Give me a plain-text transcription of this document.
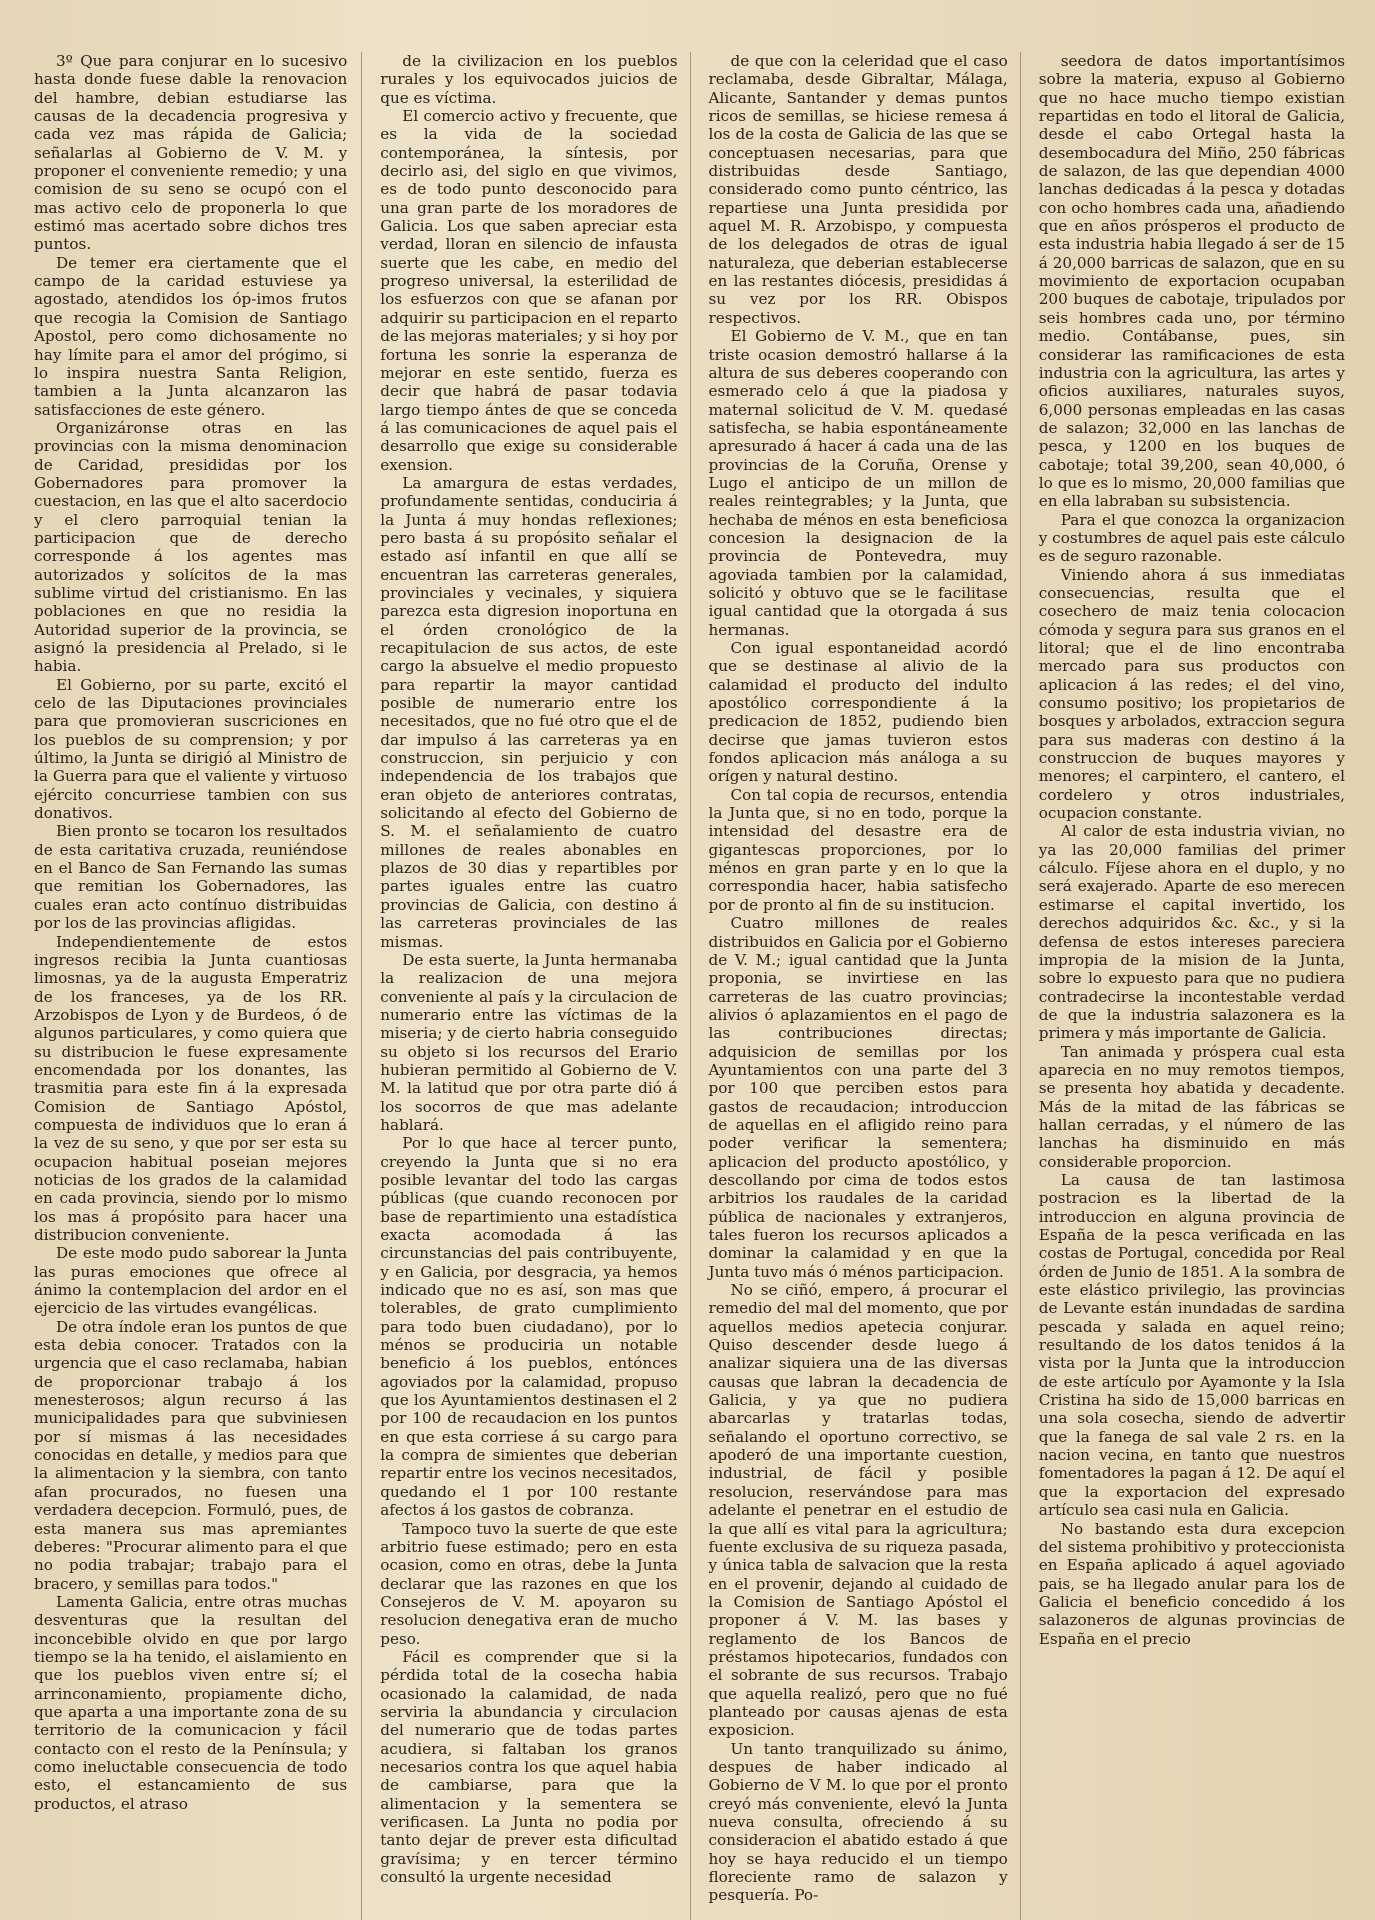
3º Que para conjurar en lo sucesivo hasta donde fuese dable la renovacion del hambre, debian estudiarse las causas de la decadencia progresiva y cada vez mas rápida de Galicia; señalarlas al Gobierno de V. M. y proponer el conveniente remedio; y una comision de su seno se ocupó con el mas activo celo de proponerla lo que estimó mas acertado sobre dichos tres puntos.

De temer era ciertamente que el campo de la caridad estuviese ya agostado, atendidos los óp-imos frutos que recogia la Comision de Santiago Apostol, pero como dichosamente no hay límite para el amor del prógimo, si lo inspira nuestra Santa Religion, tambien a la Junta alcanzaron las satisfacciones de este género.

Organizáronse otras en las provincias con la misma denominacion de Caridad, presididas por los Gobernadores para promover la cuestacion, en las que el alto sacerdocio y el clero parroquial tenian la participacion que de derecho corresponde á los agentes mas autorizados y solícitos de la mas sublime virtud del cristianismo. En las poblaciones en que no residia la Autoridad superior de la provincia, se asignó la presidencia al Prelado, si le habia.

El Gobierno, por su parte, excitó el celo de las Diputaciones provinciales para que promovieran suscriciones en los pueblos de su comprension; y por último, la Junta se dirigió al Ministro de la Guerra para que el valiente y virtuoso ejército concurriese tambien con sus donativos.

Bien pronto se tocaron los resultados de esta caritativa cruzada, reuniéndose en el Banco de San Fernando las sumas que remitian los Gobernadores, las cuales eran acto contínuo distribuidas por los de las provincias afligidas.

Independientemente de estos ingresos recibia la Junta cuantiosas limosnas, ya de la augusta Emperatriz de los franceses, ya de los RR. Arzobispos de Lyon y de Burdeos, ó de algunos particulares, y como quiera que su distribucion le fuese expresamente encomendada por los donantes, las trasmitia para este fin á la expresada Comision de Santiago Apóstol, compuesta de individuos que lo eran á la vez de su seno, y que por ser esta su ocupacion habitual poseian mejores noticias de los grados de la calamidad en cada provincia, siendo por lo mismo los mas á propósito para hacer una distribucion conveniente.

De este modo pudo saborear la Junta las puras emociones que ofrece al ánimo la contemplacion del ardor en el ejercicio de las virtudes evangélicas.

De otra índole eran los puntos de que esta debia conocer. Tratados con la urgencia que el caso reclamaba, habian de proporcionar trabajo á los menesterosos; algun recurso á las municipalidades para que subviniesen por sí mismas á las necesidades conocidas en detalle, y medios para que la alimentacion y la siembra, con tanto afan procurados, no fuesen una verdadera decepcion. Formuló, pues, de esta manera sus mas apremiantes deberes: "Procurar alimento para el que no podia trabajar; trabajo para el bracero, y semillas para todos."

Lamenta Galicia, entre otras muchas desventuras que la resultan del inconcebible olvido en que por largo tiempo se la ha tenido, el aislamiento en que los pueblos viven entre sí; el arrinconamiento, propiamente dicho, que aparta a una importante zona de su territorio de la comunicacion y fácil contacto con el resto de la Península; y como ineluctable consecuencia de todo esto, el estancamiento de sus productos, el atraso

de la civilizacion en los pueblos rurales y los equivocados juicios de que es víctima.

El comercio activo y frecuente, que es la vida de la sociedad contemporánea, la síntesis, por decirlo asi, del siglo en que vivimos, es de todo punto desconocido para una gran parte de los moradores de Galicia. Los que saben apreciar esta verdad, lloran en silencio de infausta suerte que les cabe, en medio del progreso universal, la esterilidad de los esfuerzos con que se afanan por adquirir su participacion en el reparto de las mejoras materiales; y si hoy por fortuna les sonrie la esperanza de mejorar en este sentido, fuerza es decir que habrá de pasar todavia largo tiempo ántes de que se conceda á las comunicaciones de aquel pais el desarrollo que exige su considerable exension.

La amargura de estas verdades, profundamente sentidas, conduciria á la Junta á muy hondas reflexiones; pero basta á su propósito señalar el estado así infantil en que allí se encuentran las carreteras generales, provinciales y vecinales, y siquiera parezca esta digresion inoportuna en el órden cronológico de la recapitulacion de sus actos, de este cargo la absuelve el medio propuesto para repartir la mayor cantidad posible de numerario entre los necesitados, que no fué otro que el de dar impulso á las carreteras ya en construccion, sin perjuicio y con independencia de los trabajos que eran objeto de anteriores contratas, solicitando al efecto del Gobierno de S. M. el señalamiento de cuatro millones de reales abonables en plazos de 30 dias y repartibles por partes iguales entre las cuatro provincias de Galicia, con destino á las carreteras provinciales de las mismas.

De esta suerte, la Junta hermanaba la realizacion de una mejora conveniente al país y la circulacion de numerario entre las víctimas de la miseria; y de cierto habria conseguido su objeto si los recursos del Erario hubieran permitido al Gobierno de V. M. la latitud que por otra parte dió á los socorros de que mas adelante hablará.

Por lo que hace al tercer punto, creyendo la Junta que si no era posible levantar del todo las cargas públicas (que cuando reconocen por base de repartimiento una estadística exacta acomodada á las circunstancias del pais contribuyente, y en Galicia, por desgracia, ya hemos indicado que no es así, son mas que tolerables, de grato cumplimiento para todo buen ciudadano), por lo ménos se produciria un notable beneficio á los pueblos, entónces agoviados por la calamidad, propuso que los Ayuntamientos destinasen el 2 por 100 de recaudacion en los puntos en que esta corriese á su cargo para la compra de simientes que deberian repartir entre los vecinos necesitados, quedando el 1 por 100 restante afectos á los gastos de cobranza.

Tampoco tuvo la suerte de que este arbitrio fuese estimado; pero en esta ocasion, como en otras, debe la Junta declarar que las razones en que los Consejeros de V. M. apoyaron su resolucion denegativa eran de mucho peso.

Fácil es comprender que si la pérdida total de la cosecha habia ocasionado la calamidad, de nada serviria la abundancia y circulacion del numerario que de todas partes acudiera, si faltaban los granos necesarios contra los que aquel habia de cambiarse, para que la alimentacion y la sementera se verificasen. La Junta no podia por tanto dejar de prever esta dificultad gravísima; y en tercer término consultó la urgente necesidad

de que con la celeridad que el caso reclamaba, desde Gibraltar, Málaga, Alicante, Santander y demas puntos ricos de semillas, se hiciese remesa á los de la costa de Galicia de las que se conceptuasen necesarias, para que distribuidas desde Santiago, considerado como punto céntrico, las repartiese una Junta presidida por aquel M. R. Arzobispo, y compuesta de los delegados de otras de igual naturaleza, que deberian establecerse en las restantes diócesis, presididas á su vez por los RR. Obispos respectivos.

El Gobierno de V. M., que en tan triste ocasion demostró hallarse á la altura de sus deberes cooperando con esmerado celo á que la piadosa y maternal solicitud de V. M. quedasé satisfecha, se habia espontáneamente apresurado á hacer á cada una de las provincias de la Coruña, Orense y Lugo el anticipo de un millon de reales reintegrables; y la Junta, que hechaba de ménos en esta beneficiosa concesion la designacion de la provincia de Pontevedra, muy agoviada tambien por la calamidad, solicitó y obtuvo que se le facilitase igual cantidad que la otorgada á sus hermanas.

Con igual espontaneidad acordó que se destinase al alivio de la calamidad el producto del indulto apostólico correspondiente á la predicacion de 1852, pudiendo bien decirse que jamas tuvieron estos fondos aplicacion más análoga a su orígen y natural destino.

Con tal copia de recursos, entendia la Junta que, si no en todo, porque la intensidad del desastre era de gigantescas proporciones, por lo ménos en gran parte y en lo que la correspondia hacer, habia satisfecho por de pronto al fin de su institucion.

Cuatro millones de reales distribuidos en Galicia por el Gobierno de V. M.; igual cantidad que la Junta proponia, se invirtiese en las carreteras de las cuatro provincias; alivios ó aplazamientos en el pago de las contribuciones directas; adquisicion de semillas por los Ayuntamientos con una parte del 3 por 100 que perciben estos para gastos de recaudacion; introduccion de aquellas en el afligido reino para poder verificar la sementera; aplicacion del producto apostólico, y descollando por cima de todos estos arbitrios los raudales de la caridad pública de nacionales y extranjeros, tales fueron los recursos aplicados a dominar la calamidad y en que la Junta tuvo más ó ménos participacion.

No se ciñó, empero, á procurar el remedio del mal del momento, que por aquellos medios apetecia conjurar. Quiso descender desde luego á analizar siquiera una de las diversas causas que labran la decadencia de Galicia, y ya que no pudiera abarcarlas y tratarlas todas, señalando el oportuno correctivo, se apoderó de una importante cuestion, industrial, de fácil y posible resolucion, reservándose para mas adelante el penetrar en el estudio de la que allí es vital para la agricultura; fuente exclusiva de su riqueza pasada, y única tabla de salvacion que la resta en el provenir, dejando al cuidado de la Comision de Santiago Apóstol el proponer á V. M. las bases y reglamento de los Bancos de préstamos hipotecarios, fundados con el sobrante de sus recursos. Trabajo que aquella realizó, pero que no fué planteado por causas ajenas de esta exposicion.

Un tanto tranquilizado su ánimo, despues de haber indicado al Gobierno de V M. lo que por el pronto creyó más conveniente, elevó la Junta nueva consulta, ofreciendo á su consideracion el abatido estado á que hoy se haya reducido el un tiempo floreciente ramo de salazon y pesquería. Po-

seedora de datos importantísimos sobre la materia, expuso al Gobierno que no hace mucho tiempo existian repartidas en todo el litoral de Galicia, desde el cabo Ortegal hasta la desembocadura del Miño, 250 fábricas de salazon, de las que dependian 4000 lanchas dedicadas á la pesca y dotadas con ocho hombres cada una, añadiendo que en años prósperos el producto de esta industria habia llegado á ser de 15 á 20,000 barricas de salazon, que en su movimiento de exportacion ocupaban 200 buques de cabotaje, tripulados por seis hombres cada uno, por término medio. Contábanse, pues, sin considerar las ramificaciones de esta industria con la agricultura, las artes y oficios auxiliares, naturales suyos, 6,000 personas empleadas en las casas de salazon; 32,000 en las lanchas de pesca, y 1200 en los buques de cabotaje; total 39,200, sean 40,000, ó lo que es lo mismo, 20,000 familias que en ella labraban su subsistencia.

Para el que conozca la organizacion y costumbres de aquel pais este cálculo es de seguro razonable.

Viniendo ahora á sus inmediatas consecuencias, resulta que el cosechero de maiz tenia colocacion cómoda y segura para sus granos en el litoral; que el de lino encontraba mercado para sus productos con aplicacion á las redes; el del vino, consumo positivo; los propietarios de bosques y arbolados, extraccion segura para sus maderas con destino á la construccion de buques mayores y menores; el carpintero, el cantero, el cordelero y otros industriales, ocupacion constante.

Al calor de esta industria vivian, no ya las 20,000 familias del primer cálculo. Fíjese ahora en el duplo, y no será exajerado. Aparte de eso merecen estimarse el capital invertido, los derechos adquiridos &c. &c., y si la defensa de estos intereses pareciera impropia de la mision de la Junta, sobre lo expuesto para que no pudiera contradecirse la incontestable verdad de que la industria salazonera es la primera y más importante de Galicia.

Tan animada y próspera cual esta aparecia en no muy remotos tiempos, se presenta hoy abatida y decadente. Más de la mitad de las fábricas se hallan cerradas, y el número de las lanchas ha disminuido en más considerable proporcion.

La causa de tan lastimosa postracion es la libertad de la introduccion en alguna provincia de España de la pesca verificada en las costas de Portugal, concedida por Real órden de Junio de 1851. A la sombra de este elástico privilegio, las provincias de Levante están inundadas de sardina pescada y salada en aquel reino; resultando de los datos tenidos á la vista por la Junta que la introduccion de este artículo por Ayamonte y la Isla Cristina ha sido de 15,000 barricas en una sola cosecha, siendo de advertir que la fanega de sal vale 2 rs. en la nacion vecina, en tanto que nuestros fomentadores la pagan á 12. De aquí el que la exportacion del expresado artículo sea casi nula en Galicia.

No bastando esta dura excepcion del sistema prohibitivo y proteccionista en España aplicado á aquel agoviado pais, se ha llegado anular para los de Galicia el beneficio concedido á los salazoneros de algunas provincias de España en el precio
